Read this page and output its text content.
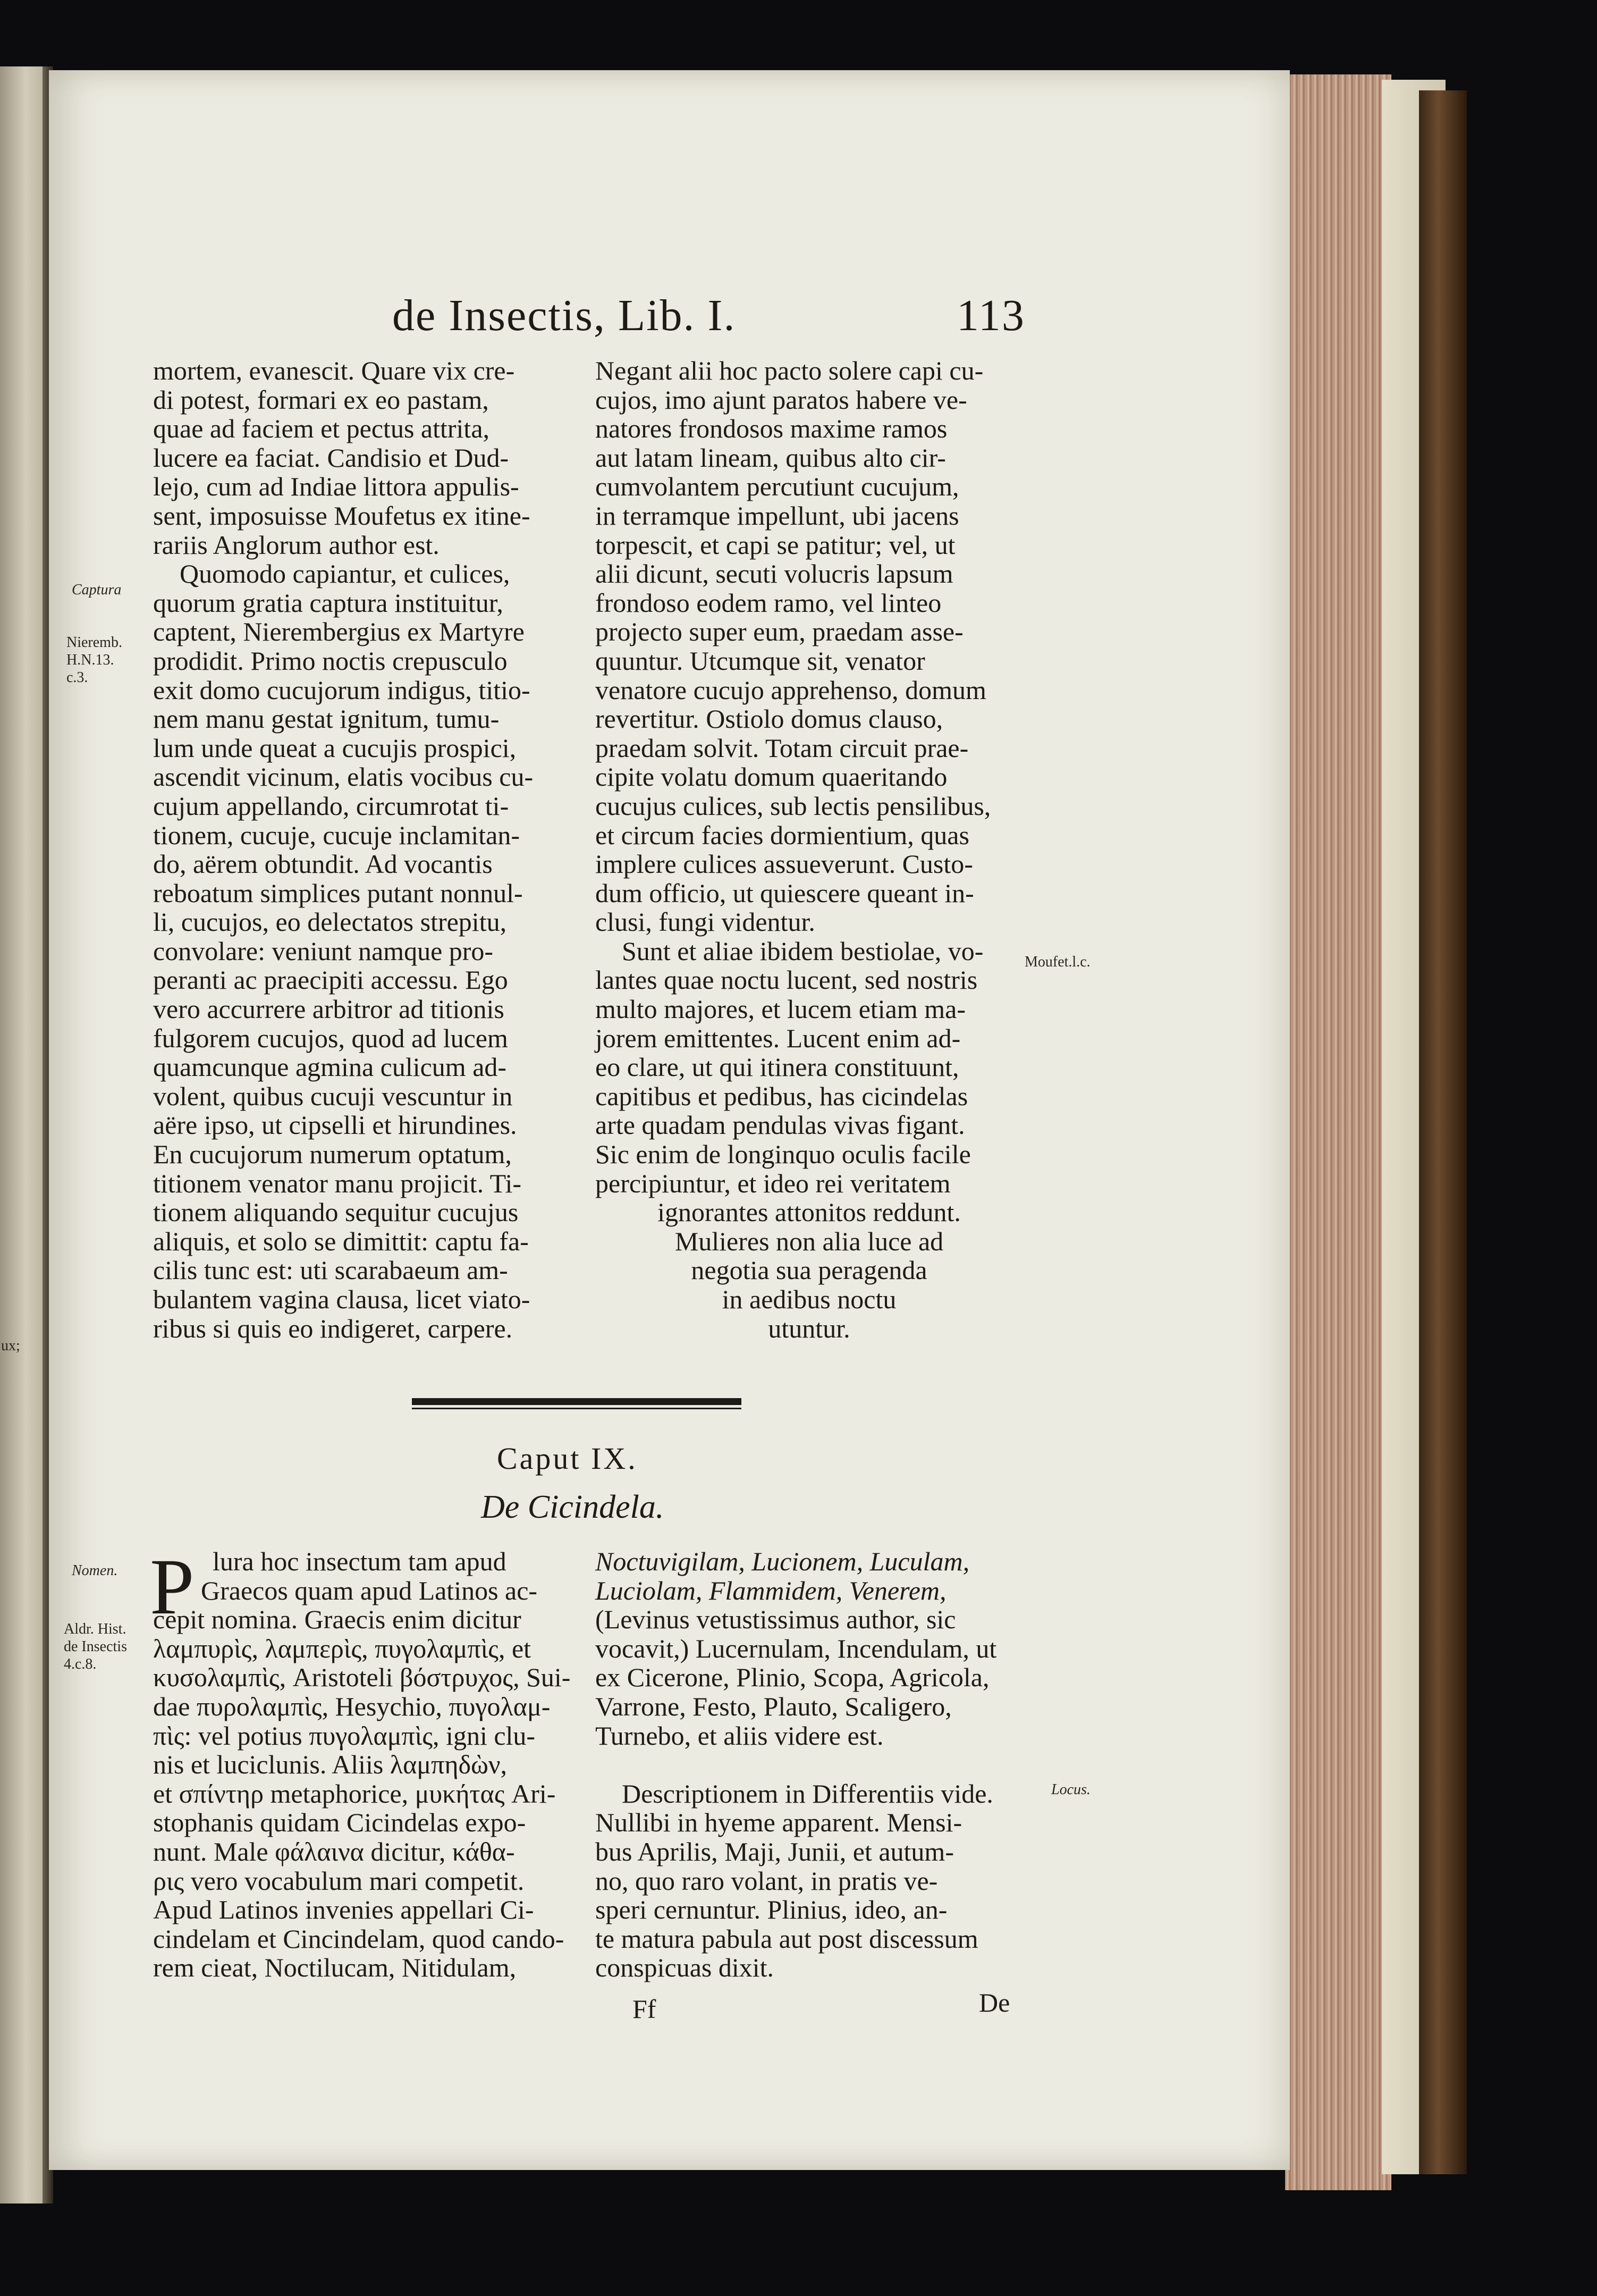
ux;
de Insectis, Lib. I.	113
Captura
Nieremb.
H.N.13.
c.3.
Moufet.l.c.
Nomen.
Aldr. Hist.
de Insectis
4.c.8.
Locus.
mortem, evanescit. Quare vix cre-
di potest, formari ex eo pastam,
quae ad faciem et pectus attrita,
lucere ea faciat. Candisio et Dud-
lejo, cum ad Indiae littora appulis-
sent, imposuisse Moufetus ex itine-
rariis Anglorum author est.
Quomodo capiantur, et culices,
quorum gratia captura instituitur,
captent, Nierembergius ex Martyre
prodidit. Primo noctis crepusculo
exit domo cucujorum indigus, titio-
nem manu gestat ignitum, tumu-
lum unde queat a cucujis prospici,
ascendit vicinum, elatis vocibus cu-
cujum appellando, circumrotat ti-
tionem, cucuje, cucuje inclamitan-
do, aërem obtundit. Ad vocantis
reboatum simplices putant nonnul-
li, cucujos, eo delectatos strepitu,
convolare: veniunt namque pro-
peranti ac praecipiti accessu. Ego
vero accurrere arbitror ad titionis
fulgorem cucujos, quod ad lucem
quamcunque agmina culicum ad-
volent, quibus cucuji vescuntur in
aëre ipso, ut cipselli et hirundines.
En cucujorum numerum optatum,
titionem venator manu projicit. Ti-
tionem aliquando sequitur cucujus
aliquis, et solo se dimittit: captu fa-
cilis tunc est: uti scarabaeum am-
bulantem vagina clausa, licet viato-
ribus si quis eo indigeret, carpere.
Negant alii hoc pacto solere capi cu-
cujos, imo ajunt paratos habere ve-
natores frondosos maxime ramos
aut latam lineam, quibus alto cir-
cumvolantem percutiunt cucujum,
in terramque impellunt, ubi jacens
torpescit, et capi se patitur; vel, ut
alii dicunt, secuti volucris lapsum
frondoso eodem ramo, vel linteo
projecto super eum, praedam asse-
quuntur. Utcumque sit, venator
venatore cucujo apprehenso, domum
revertitur. Ostiolo domus clauso,
praedam solvit. Totam circuit prae-
cipite volatu domum quaeritando
cucujus culices, sub lectis pensilibus,
et circum facies dormientium, quas
implere culices assueverunt. Custo-
dum officio, ut quiescere queant in-
clusi, fungi videntur.
Sunt et aliae ibidem bestiolae, vo-
lantes quae noctu lucent, sed nostris
multo majores, et lucem etiam ma-
jorem emittentes. Lucent enim ad-
eo clare, ut qui itinera constituunt,
capitibus et pedibus, has cicindelas
arte quadam pendulas vivas figant.
Sic enim de longinquo oculis facile
percipiuntur, et ideo rei veritatem
ignorantes attonitos reddunt.
Mulieres non alia luce ad
negotia sua peragenda
in aedibus noctu
utuntur.
Caput IX.
De Cicindela.
P lura hoc insectum tam apud
Graecos quam apud Latinos ac-
cepit nomina. Graecis enim dicitur
λαμπυρὶς, λαμπερὶς, πυγολαμπὶς, et
κυσολαμπὶς, Aristoteli βόστρυχος, Sui-
dae πυρολαμπὶς, Hesychio, πυγολαμ-
πὶς: vel potius πυγολαμπὶς, igni clu-
nis et luciclunis. Aliis λαμπηδὼν,
et σπίντηρ metaphorice, μυκήτας Ari-
stophanis quidam Cicindelas expo-
nunt. Male φάλαινα dicitur, κάθα-
ρις vero vocabulum mari competit.
Apud Latinos invenies appellari Ci-
cindelam et Cincindelam, quod cando-
rem cieat, Noctilucam, Nitidulam,
Noctuvigilam, Lucionem, Luculam,
Luciolam, Flammidem, Venerem,
(Levinus vetustissimus author, sic
vocavit,) Lucernulam, Incendulam, ut
ex Cicerone, Plinio, Scopa, Agricola,
Varrone, Festo, Plauto, Scaligero,
Turnebo, et aliis videre est.
Descriptionem in Differentiis vide.
Nullibi in hyeme apparent. Mensi-
bus Aprilis, Maji, Junii, et autum-
no, quo raro volant, in pratis ve-
speri cernuntur. Plinius, ideo, an-
te matura pabula aut post discessum
conspicuas dixit.
Ff	De
